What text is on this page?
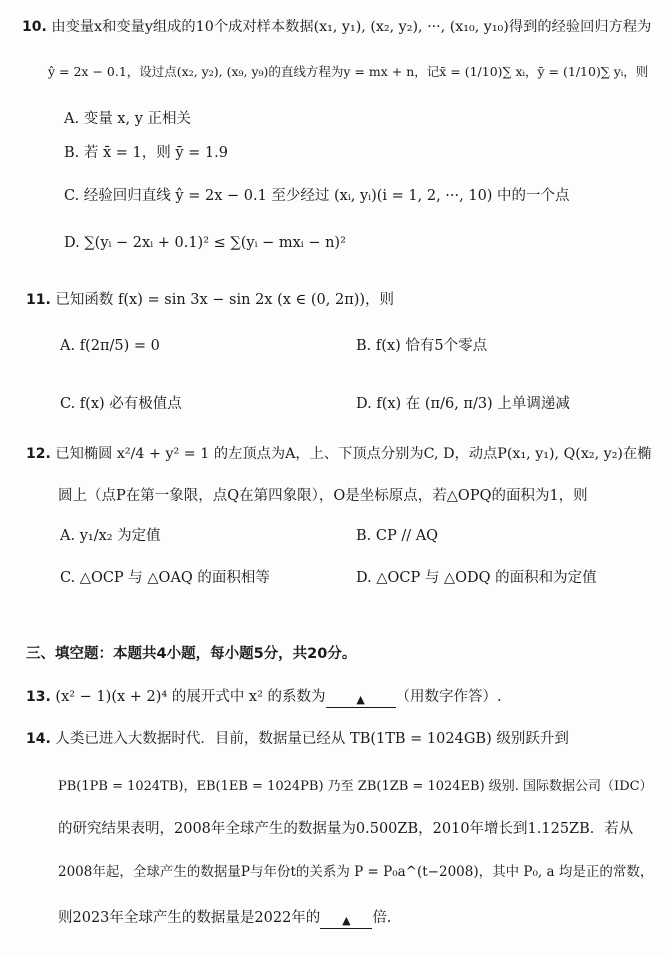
10. 由变量x和变量y组成的10个成对样本数据(x₁, y₁), (x₂, y₂), ···, (x₁₀, y₁₀)得到的经验回归方程为
ŷ = 2x − 0.1，设过点(x₂, y₂), (x₉, y₉)的直线方程为y = mx + n，记x̄ = (1/10)∑ xᵢ，ȳ = (1/10)∑ yᵢ，则
A. 变量 x, y 正相关
B. 若 x̄ = 1，则 ȳ = 1.9
C. 经验回归直线 ŷ = 2x − 0.1 至少经过 (xᵢ, yᵢ)(i = 1, 2, ···, 10) 中的一个点
D. ∑(yᵢ − 2xᵢ + 0.1)² ≤ ∑(yᵢ − mxᵢ − n)²
11. 已知函数 f(x) = sin 3x − sin 2x (x ∈ (0, 2π))，则
A. f(2π/5) = 0	B. f(x) 恰有5个零点
C. f(x) 必有极值点	D. f(x) 在 (π/6, π/3) 上单调递减
12. 已知椭圆 x²/4 + y² = 1 的左顶点为A，上、下顶点分别为C, D，动点P(x₁, y₁), Q(x₂, y₂)在椭
圆上（点P在第一象限，点Q在第四象限），O是坐标原点，若△OPQ的面积为1，则
A. y₁/x₂ 为定值	B. CP // AQ
C. △OCP 与 △OAQ 的面积相等	D. △OCP 与 △ODQ 的面积和为定值
三、填空题：本题共4小题，每小题5分，共20分。
13. (x² − 1)(x + 2)⁴ 的展开式中 x² 的系数为	▲ （用数字作答）.
14. 人类已进入大数据时代．目前，数据量已经从 TB(1TB = 1024GB) 级别跃升到
PB(1PB = 1024TB)，EB(1EB = 1024PB) 乃至 ZB(1ZB = 1024EB) 级别. 国际数据公司（IDC）
的研究结果表明，2008年全球产生的数据量为0.500ZB，2010年增长到1.125ZB．若从
2008年起，全球产生的数据量P与年份t的关系为 P = P₀a^(t−2008)，其中 P₀, a 均是正的常数，
则2023年全球产生的数据量是2022年的 ▲ 倍.
